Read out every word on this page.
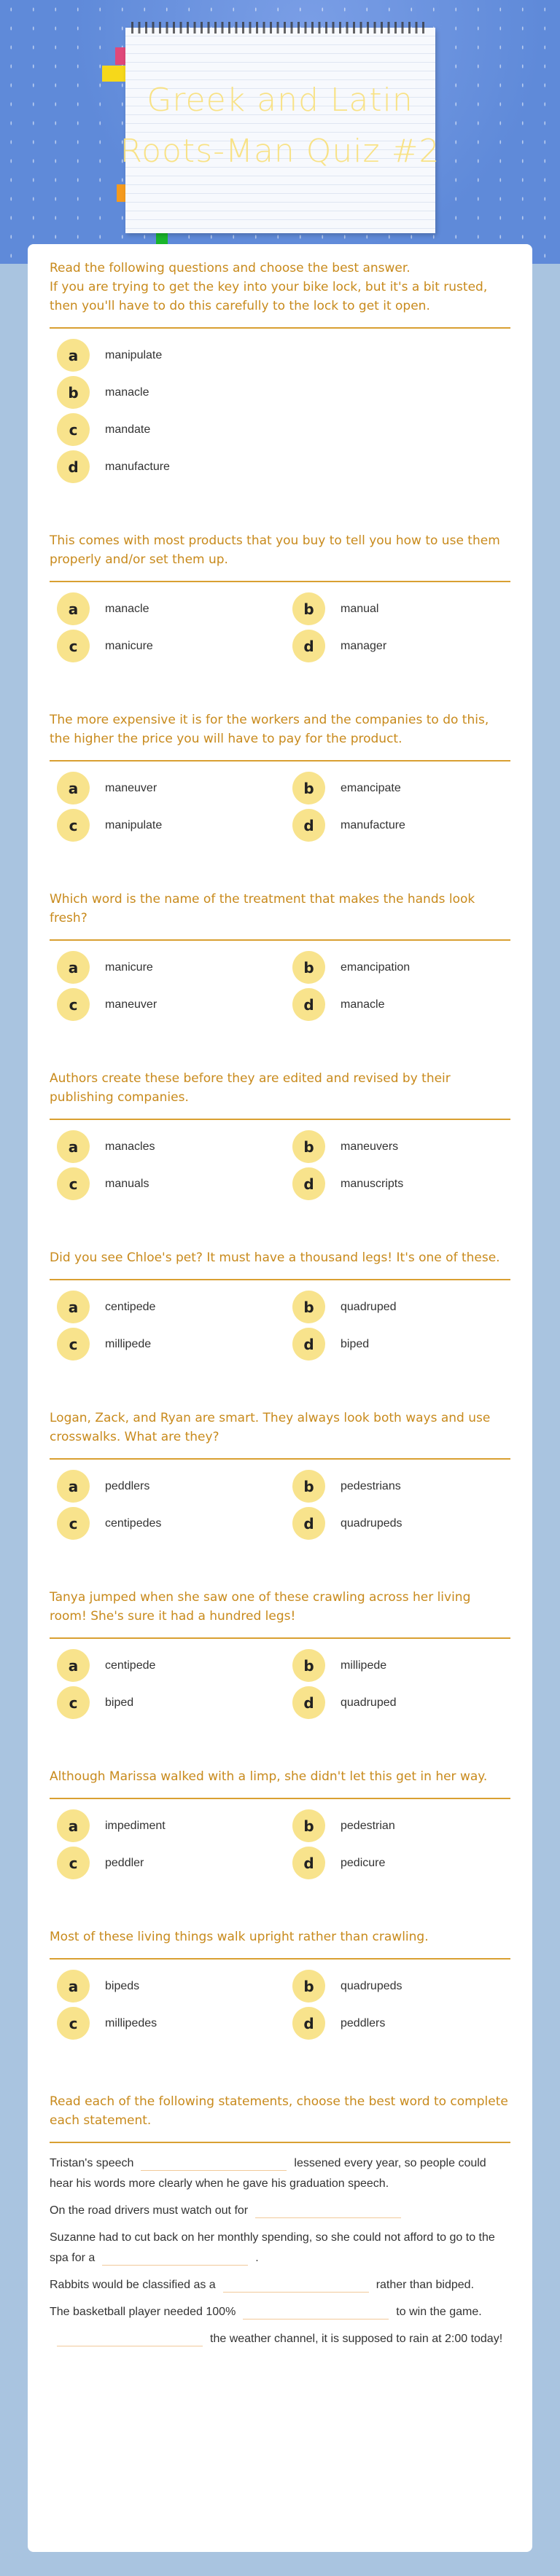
Greek and Latin
Roots-Man Quiz #2
Read the following questions and choose the best answer.
If you are trying to get the key into your bike lock, but it's a bit rusted, then you'll have to do this carefully to the lock to get it open.
a	manipulate
b	manacle
c	mandate
d	manufacture
This comes with most products that you buy to tell you how to use them properly and/or set them up.
a	manacle	b	manual
c	manicure	d	manager
The more expensive it is for the workers and the companies to do this, the higher the price you will have to pay for the product.
a	maneuver	b	emancipate
c	manipulate	d	manufacture
Which word is the name of the treatment that makes the hands look fresh?
a	manicure	b	emancipation
c	maneuver	d	manacle
Authors create these before they are edited and revised by their publishing companies.
a	manacles	b	maneuvers
c	manuals	d	manuscripts
Did you see Chloe's pet? It must have a thousand legs! It's one of these.
a	centipede	b	quadruped
c	millipede	d	biped
Logan, Zack, and Ryan are smart. They always look both ways and use crosswalks. What are they?
a	peddlers	b	pedestrians
c	centipedes	d	quadrupeds
Tanya jumped when she saw one of these crawling across her living room! She's sure it had a hundred legs!
a	centipede	b	millipede
c	biped	d	quadruped
Although Marissa walked with a limp, she didn't let this get in her way.
a	impediment	b	pedestrian
c	peddler	d	pedicure
Most of these living things walk upright rather than crawling.
a	bipeds	b	quadrupeds
c	millipedes	d	peddlers
Read each of the following statements, choose the best word to complete each statement.
Tristan's speech	lessened every year, so people could hear his words more clearly when he gave his graduation speech.
On the road drivers must watch out for
Suzanne had to cut back on her monthly spending, so she could not afford to go to the spa for a	.
Rabbits would be classified as a	rather than bidped.
The basketball player needed 100%	to win the game.
the weather channel, it is supposed to rain at 2:00 today!
